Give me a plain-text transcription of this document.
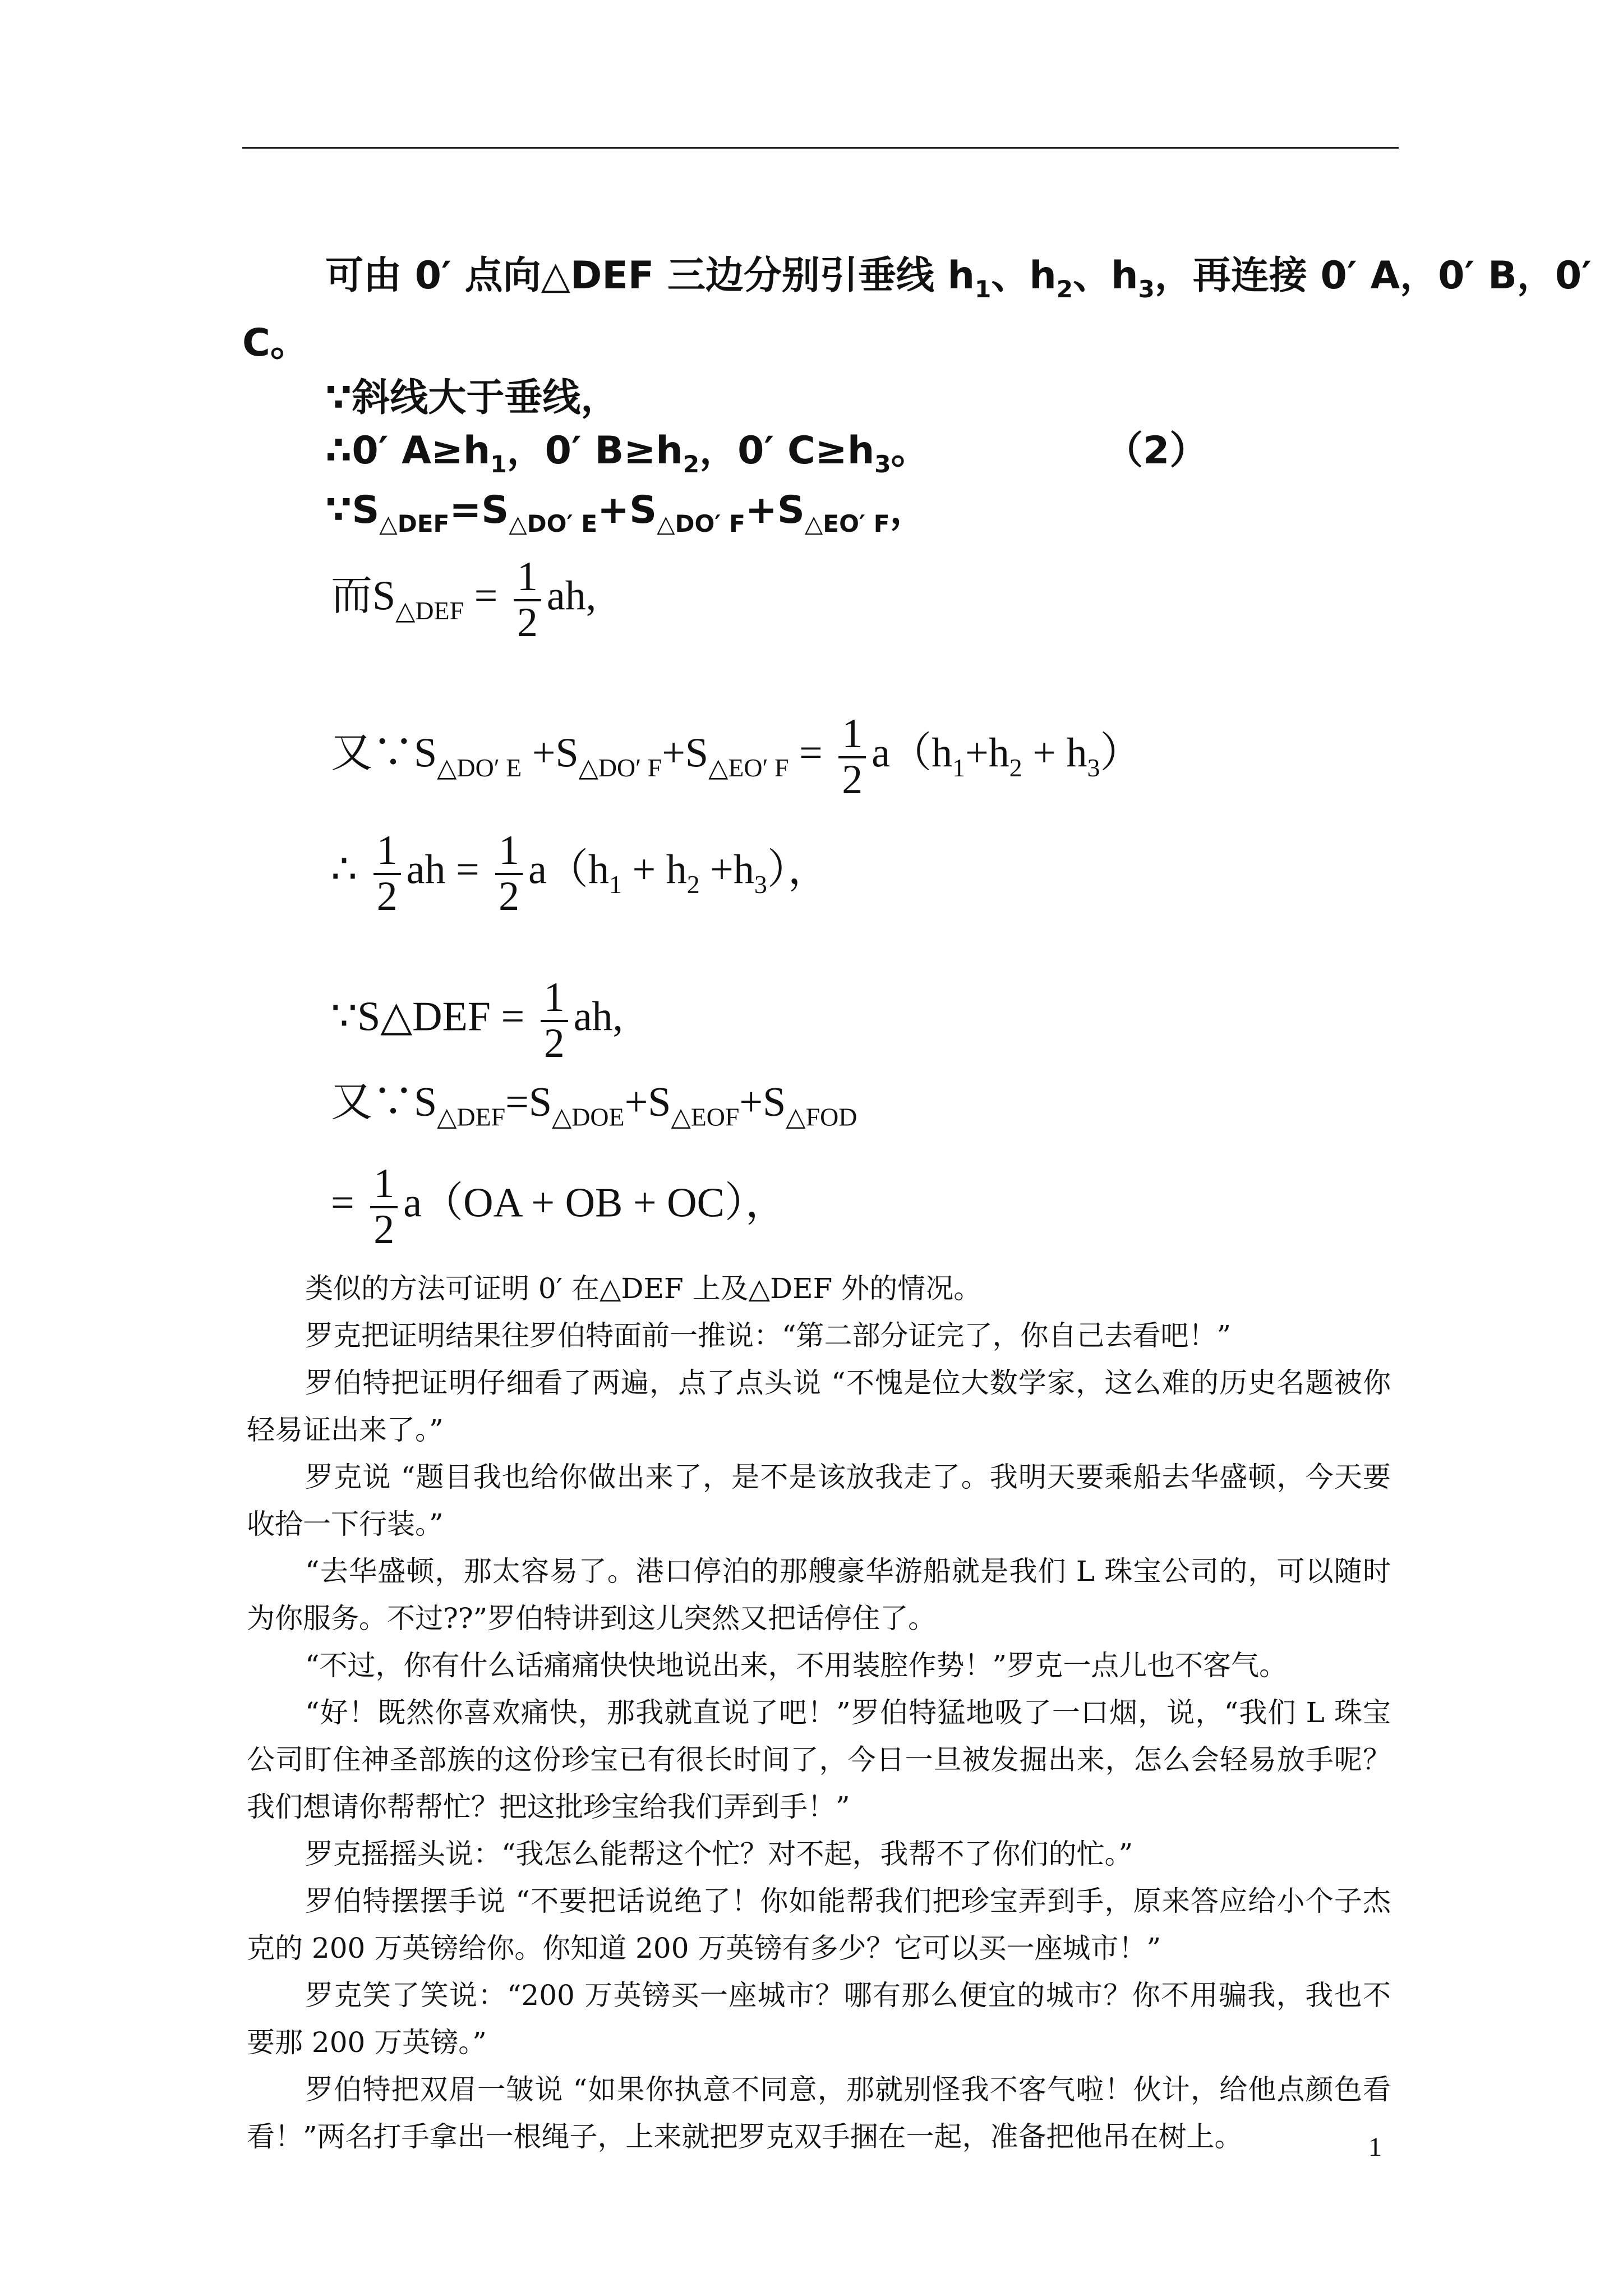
可由 0′ 点向△DEF 三边分别引垂线 $h_1$、$h_2$、$h_3$，再连接 0′ A，0′ B，0′
C。
∵斜线大于垂线，
∴0′ $A\ge h_1$，0′ $B\ge h_2$，0′ $C\ge h_3$。	（2）
$\because S_{\triangle DEF}=S_{\triangle DO' E}+S_{\triangle DO' F}+S_{\triangle EO' F}$，
而$S_{\triangle DEF} = \frac{1}{2}$ ah,
又$\because S_{\triangle DO' E} +S_{\triangle DO' F}+S_{\triangle EO' F} = \frac{1}{2} a(h_1+h_2 + h_3)$
∴ $\frac{1}{2}$ ah = $\frac{1}{2} a(h_1 + h_2 +h_3)$，
∵S△DEF = $\frac{1}{2}$ ah,
又$\because S_{\triangle DEF}=S_{\triangle DOE}+S_{\triangle EOF}+S_{\triangle FOD}$
= $\frac{1}{2} a(OA$ + OB + OC），
类似的方法可证明 0′ 在△DEF 上及△DEF 外的情况。
罗克把证明结果往罗伯特面前一推说：“第二部分证完了，你自己去看吧！”
罗伯特把证明仔细看了两遍，点了点头说 “不愧是位大数学家，这么难的历史名题被你轻易证出来了。”
罗克说 “题目我也给你做出来了，是不是该放我走了。我明天要乘船去华盛顿，今天要收拾一下行装。”
“去华盛顿，那太容易了。港口停泊的那艘豪华游船就是我们 L 珠宝公司的，可以随时为你服务。不过??”罗伯特讲到这儿突然又把话停住了。
“不过，你有什么话痛痛快快地说出来，不用装腔作势！”罗克一点儿也不客气。
“好！既然你喜欢痛快，那我就直说了吧！”罗伯特猛地吸了一口烟，说，“我们 L 珠宝公司盯住神圣部族的这份珍宝已有很长时间了，今日一旦被发掘出来，怎么会轻易放手呢？我们想请你帮帮忙？把这批珍宝给我们弄到手！”
罗克摇摇头说：“我怎么能帮这个忙？对不起，我帮不了你们的忙。”
罗伯特摆摆手说 “不要把话说绝了！你如能帮我们把珍宝弄到手，原来答应给小个子杰克的 200 万英镑给你。你知道 200 万英镑有多少？它可以买一座城市！”
罗克笑了笑说：“200 万英镑买一座城市？哪有那么便宜的城市？你不用骗我，我也不要那 200 万英镑。”
罗伯特把双眉一皱说 “如果你执意不同意，那就别怪我不客气啦！伙计，给他点颜色看看！”两名打手拿出一根绳子，上来就把罗克双手捆在一起，准备把他吊在树上。	1
